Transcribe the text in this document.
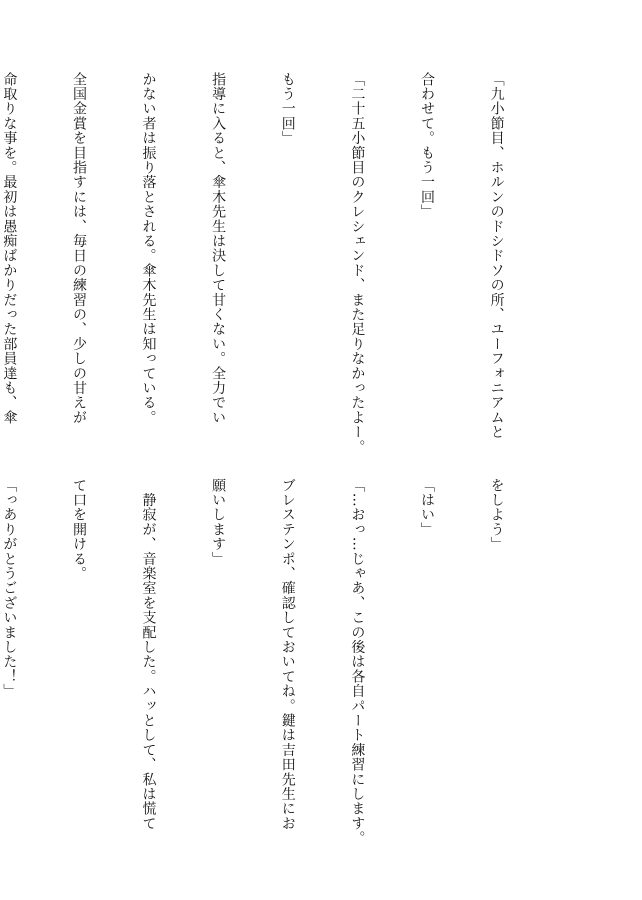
「九小節目、ホルンのドシドソの所、ユーフォニアムと

合わせて。もう一回」

「二十五小節目のクレシェンド、また足りなかったよー。

もう一回」

指導に入ると、傘木先生は決して甘くない。全力でい

かない者は振り落とされる。傘木先生は知っている。

全国金賞を目指すには、毎日の練習の、少しの甘えが

命取りな事を。最初は愚痴ばかりだった部員達も、傘

をしよう」

「はい」

「…おっ…じゃあ、この後は各自パート練習にします。

ブレステンポ、確認しておいてね。鍵は吉田先生にお

願いします」

　静寂が、音楽室を支配した。ハッとして、私は慌て

て口を開ける。

「っありがとうございました！」
